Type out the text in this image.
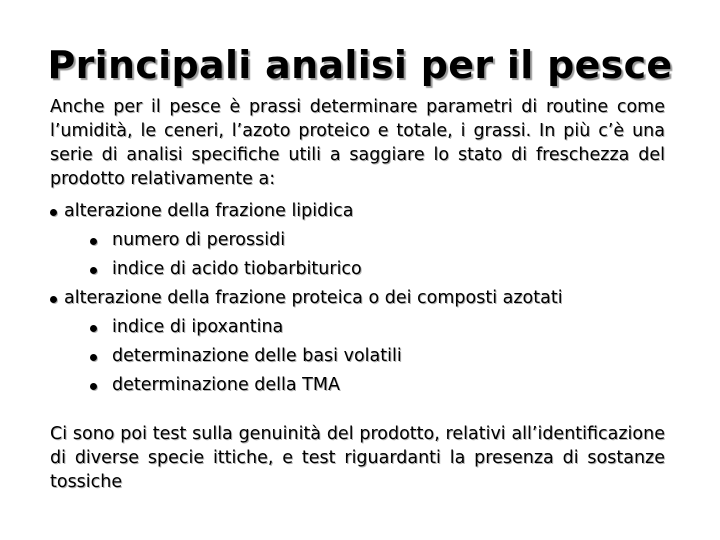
Principali analisi per il pesce

Anche per il pesce è prassi determinare parametri di routine come l’umidità, le ceneri, l’azoto proteico e totale, i grassi. In più c’è una serie di analisi specifiche utili a saggiare lo stato di freschezza del prodotto relativamente a:

alterazione della frazione lipidica
numero di perossidi
indice di acido tiobarbiturico
alterazione della frazione proteica o dei composti azotati
indice di ipoxantina
determinazione delle basi volatili
determinazione della TMA

Ci sono poi test sulla genuinità del prodotto, relativi all’identificazione di diverse specie ittiche, e test riguardanti la presenza di sostanze tossiche
